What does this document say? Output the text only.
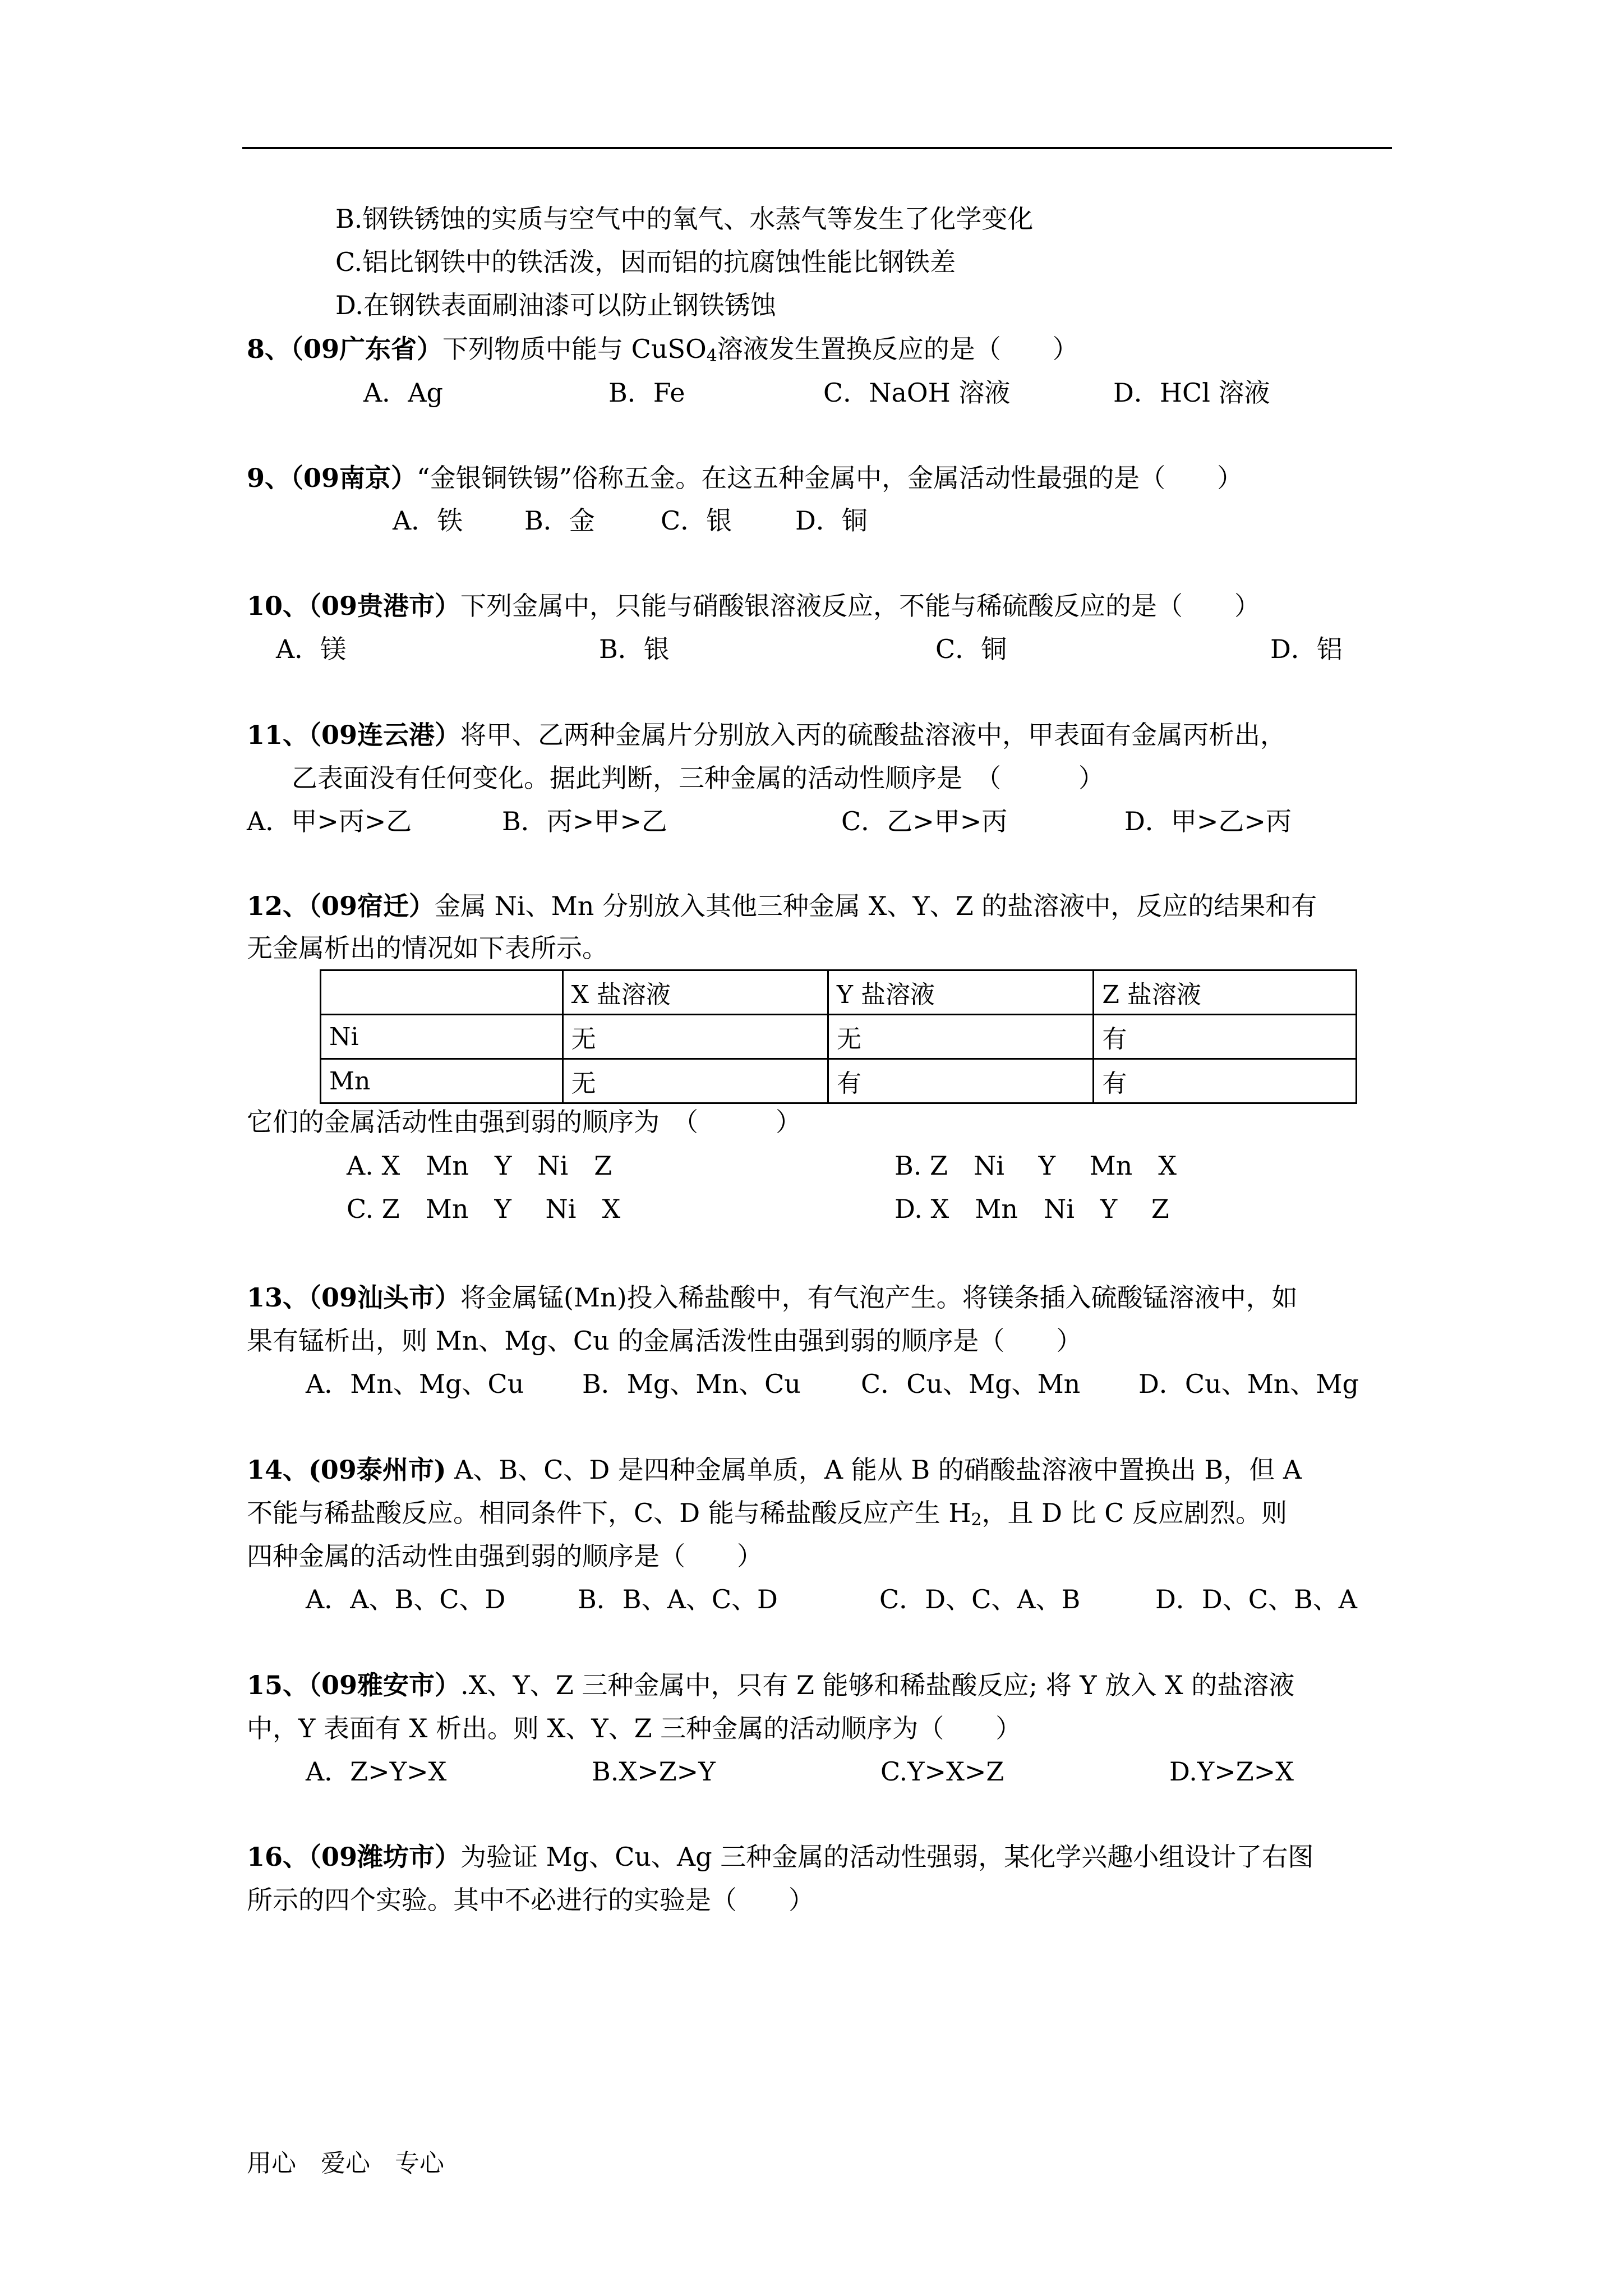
B.钢铁锈蚀的实质与空气中的氧气、水蒸气等发生了化学变化
C.铝比钢铁中的铁活泼，因而铝的抗腐蚀性能比钢铁差
D.在钢铁表面刷油漆可以防止钢铁锈蚀
8、（09广东省）下列物质中能与 CuSO$_4$溶液发生置换反应的是（　　）
A．Ag	B．Fe	C．NaOH 溶液	D．HCl 溶液
9、（09南京）“金银铜铁锡”俗称五金。在这五种金属中，金属活动性最强的是（　　）
A．铁 B．金	C．银 D．铜
10、（09贵港市）下列金属中，只能与硝酸银溶液反应，不能与稀硫酸反应的是（　　）
A．镁	B．银	C．铜	D．铝
11、（09连云港）将甲、乙两种金属片分别放入丙的硫酸盐溶液中，甲表面有金属丙析出，
乙表面没有任何变化。据此判断，三种金属的活动性顺序是　（　　　）
A．甲>丙>乙	B．丙>甲>乙	C．乙>甲>丙	D．甲>乙>丙
12、（09宿迁）金属 Ni、Mn 分别放入其他三种金属 X、Y、Z 的盐溶液中，反应的结果和有
无金属析出的情况如下表所示。
	X 盐溶液	Y 盐溶液	Z 盐溶液
Ni	无	无	有
Mn	无	有	有
它们的金属活动性由强到弱的顺序为　（　　　）
A. X　Mn　Y　Ni　Z	B. Z　Ni　 Y　 Mn　X
C. Z　Mn　Y　 Ni　X	D. X　Mn　Ni　Y　 Z
13、（09汕头市）将金属锰(Mn)投入稀盐酸中，有气泡产生。将镁条插入硫酸锰溶液中，如
果有锰析出，则 Mn、Mg、Cu 的金属活泼性由强到弱的顺序是（　　）
A．Mn、Mg、Cu B．Mg、Mn、Cu C．Cu、Mg、Mn D．Cu、Mn、Mg
14、(09泰州市) A、B、C、D 是四种金属单质，A 能从 B 的硝酸盐溶液中置换出 B，但 A
不能与稀盐酸反应。相同条件下，C、D 能与稀盐酸反应产生 $H_2$，且 D 比 C 反应剧烈。则
四种金属的活动性由强到弱的顺序是（　　）
A．A、B、C、D	B．B、A、C、D	C．D、C、A、B	D．D、C、B、A
15、（09雅安市）.X、Y、Z 三种金属中，只有 Z 能够和稀盐酸反应; 将 Y 放入 X 的盐溶液
中，Y 表面有 X 析出。则 X、Y、Z 三种金属的活动顺序为（　　）
A．Z>Y>X	B.X>Z>Y	C.Y>X>Z	D.Y>Z>X
16、（09潍坊市）为验证 Mg、Cu、Ag 三种金属的活动性强弱，某化学兴趣小组设计了右图
所示的四个实验。其中不必进行的实验是（　　）
用心　爱心　专心
